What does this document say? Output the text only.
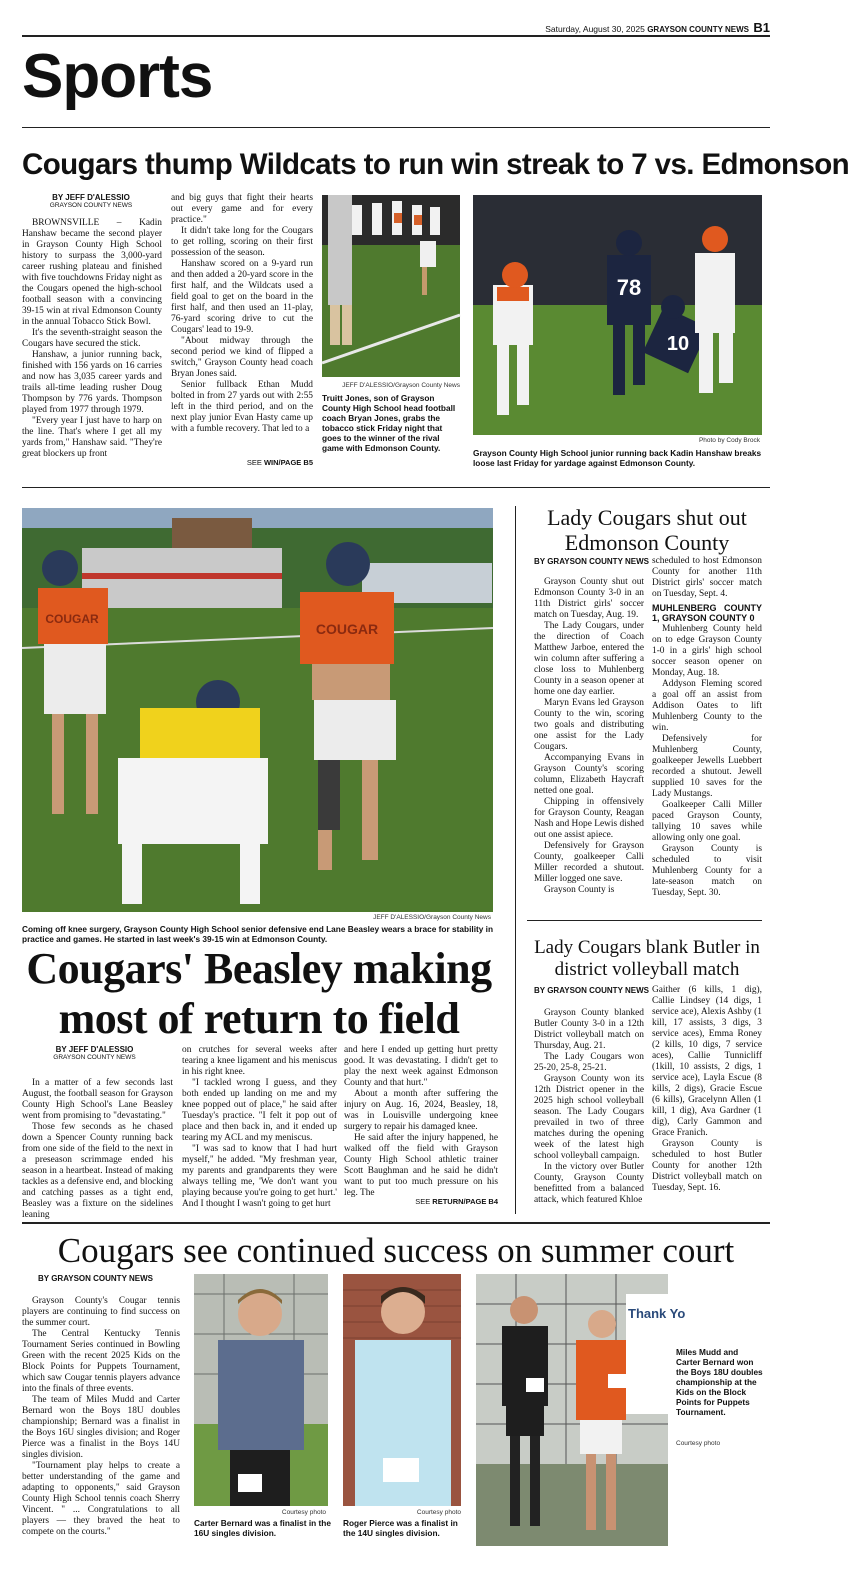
Saturday, August 30, 2025 GRAYSON COUNTY NEWS B1
Sports
Cougars thump Wildcats to run win streak to 7 vs. Edmonson
BY JEFF D'ALESSIO
GRAYSON COUNTY NEWS

BROWNSVILLE – Kadin Hanshaw became the second player in Grayson County High School history to surpass the 3,000-yard career rushing plateau and finished with five touchdowns Friday night as the Cougars opened the high-school football season with a convincing 39-15 win at rival Edmonson County in the annual Tobacco Stick Bowl.

It's the seventh-straight season the Cougars have secured the stick.

Hanshaw, a junior running back, finished with 156 yards on 16 carries and now has 3,035 career yards and trails all-time leading rusher Doug Thompson by 776 yards. Thompson played from 1977 through 1979.

"Every year I just have to harp on the line. That's where I get all my yards from," Hanshaw said. "They're great blockers up front

and big guys that fight their hearts out every game and for every practice."

It didn't take long for the Cougars to get rolling, scoring on their first possession of the season.

Hanshaw scored on a 9-yard run and then added a 20-yard score in the first half, and the Wildcats used a field goal to get on the board in the first half, and then used an 11-play, 76-yard scoring drive to cut the Cougars' lead to 19-9.

"About midway through the second period we kind of flipped a switch," Grayson County head coach Bryan Jones said.

Senior fullback Ethan Mudd bolted in from 27 yards out with 2:55 left in the third period, and on the next play junior Evan Hasty came up with a fumble recovery. That led to a

SEE WIN/PAGE B5
JEFF D'ALESSIO/Grayson County News
Truitt Jones, son of Grayson County High School head football coach Bryan Jones, grabs the tobacco stick Friday night that goes to the winner of the rival game with Edmonson County.
78
10
Photo by Cody Brock
Grayson County High School junior running back Kadin Hanshaw breaks loose last Friday for yardage against Edmonson County.
COUGAR
COUGAR
JEFF D'ALESSIO/Grayson County News
Coming off knee surgery, Grayson County High School senior defensive end Lane Beasley wears a brace for stability in practice and games. He started in last week's 39-15 win at Edmonson County.
Cougars' Beasley making
most of return to field
BY JEFF D'ALESSIO
GRAYSON COUNTY NEWS

In a matter of a few seconds last August, the football season for Grayson County High School's Lane Beasley went from promising to "devastating."

Those few seconds as he chased down a Spencer County running back from one side of the field to the next in a preseason scrimmage ended his season in a heartbeat. Instead of making tackles as a defensive end, and blocking and catching passes as a tight end, Beasley was a fixture on the sidelines leaning

on crutches for several weeks after tearing a knee ligament and his meniscus in his right knee.

"I tackled wrong I guess, and they both ended up landing on me and my knee popped out of place," he said after Tuesday's practice. "I felt it pop out of place and then back in, and it ended up tearing my ACL and my meniscus.

"I was sad to know that I had hurt myself," he added. "My freshman year, my parents and grandparents they were always telling me, 'We don't want you playing because you're going to get hurt.' And I thought I wasn't going to get hurt

and here I ended up getting hurt pretty good. It was devastating. I didn't get to play the next week against Edmonson County and that hurt."

About a month after suffering the injury on Aug. 16, 2024, Beasley, 18, was in Louisville undergoing knee surgery to repair his damaged knee.

He said after the injury happened, he walked off the field with Grayson County High School athletic trainer Scott Baughman and he said he didn't want to put too much pressure on his leg. The

SEE RETURN/PAGE B4
Lady Cougars shut out Edmonson County
BY GRAYSON COUNTY NEWS

Grayson County shut out Edmonson County 3-0 in an 11th District girls' soccer match on Tuesday, Aug. 19.

The Lady Cougars, under the direction of Coach Matthew Jarboe, entered the win column after suffering a close loss to Muhlenberg County in a season opener at home one day earlier.

Maryn Evans led Grayson County to the win, scoring two goals and distributing one assist for the Lady Cougars.

Accompanying Evans in Grayson County's scoring column, Elizabeth Haycraft netted one goal.

Chipping in offensively for Grayson County, Reagan Nash and Hope Lewis dished out one assist apiece.

Defensively for Grayson County, goalkeeper Calli Miller recorded a shutout. Miller logged one save.

Grayson County is

scheduled to host Edmonson County for another 11th District girls' soccer match on Tuesday, Sept. 4.

MUHLENBERG COUNTY 1, GRAYSON COUNTY 0

Muhlenberg County held on to edge Grayson County 1-0 in a girls' high school soccer season opener on Monday, Aug. 18.

Addyson Fleming scored a goal off an assist from Addison Oates to lift Muhlenberg County to the win.

Defensively for Muhlenberg County, goalkeeper Jewells Luebbert recorded a shutout. Jewell supplied 10 saves for the Lady Mustangs.

Goalkeeper Calli Miller paced Grayson County, tallying 10 saves while allowing only one goal.

Grayson County is scheduled to visit Muhlenberg County for a late-season match on Tuesday, Sept. 30.

Lady Cougars blank Butler in district volleyball match
BY GRAYSON COUNTY NEWS

Grayson County blanked Butler County 3-0 in a 12th District volleyball match on Thursday, Aug. 21.

The Lady Cougars won 25-20, 25-8, 25-21.

Grayson County won its 12th District opener in the 2025 high school volleyball season. The Lady Cougars prevailed in two of three matches during the opening week of the latest high school volleyball campaign.

In the victory over Butler County, Grayson County benefitted from a balanced attack, which featured Khloe

Gaither (6 kills, 1 dig), Callie Lindsey (14 digs, 1 service ace), Alexis Ashby (1 kill, 17 assists, 3 digs, 3 service aces), Emma Roney (2 kills, 10 digs, 7 service aces), Callie Tunnicliff (1kill, 10 assists, 2 digs, 1 service ace), Layla Escue (8 kills, 2 digs), Gracie Escue (6 kills), Gracelynn Allen (1 kill, 1 dig), Ava Gardner (1 dig), Carly Gammon and Grace Franich.

Grayson County is scheduled to host Butler County for another 12th District volleyball match on Tuesday, Sept. 16.

Cougars see continued success on summer court
BY GRAYSON COUNTY NEWS

Grayson County's Cougar tennis players are continuing to find success on the summer court.

The Central Kentucky Tennis Tournament Series continued in Bowling Green with the recent 2025 Kids on the Block Points for Puppets Tournament, which saw Cougar tennis players advance into the finals of three events.

The team of Miles Mudd and Carter Bernard won the Boys 18U doubles championship; Bernard was a finalist in the Boys 16U singles division; and Roger Pierce was a finalist in the Boys 14U singles division.

"Tournament play helps to create a better understanding of the game and adapting to opponents," said Grayson County High School tennis coach Sherry Vincent. " ... Congratulations to all players — they braved the heat to compete on the courts."

Courtesy photo
Carter Bernard was a finalist in the 16U singles division.
Courtesy photo
Roger Pierce was a finalist in the 14U singles division.
Thank Yo
Miles Mudd and Carter Bernard won the Boys 18U doubles championship at the Kids on the Block Points for Puppets Tournament.
Courtesy photo
